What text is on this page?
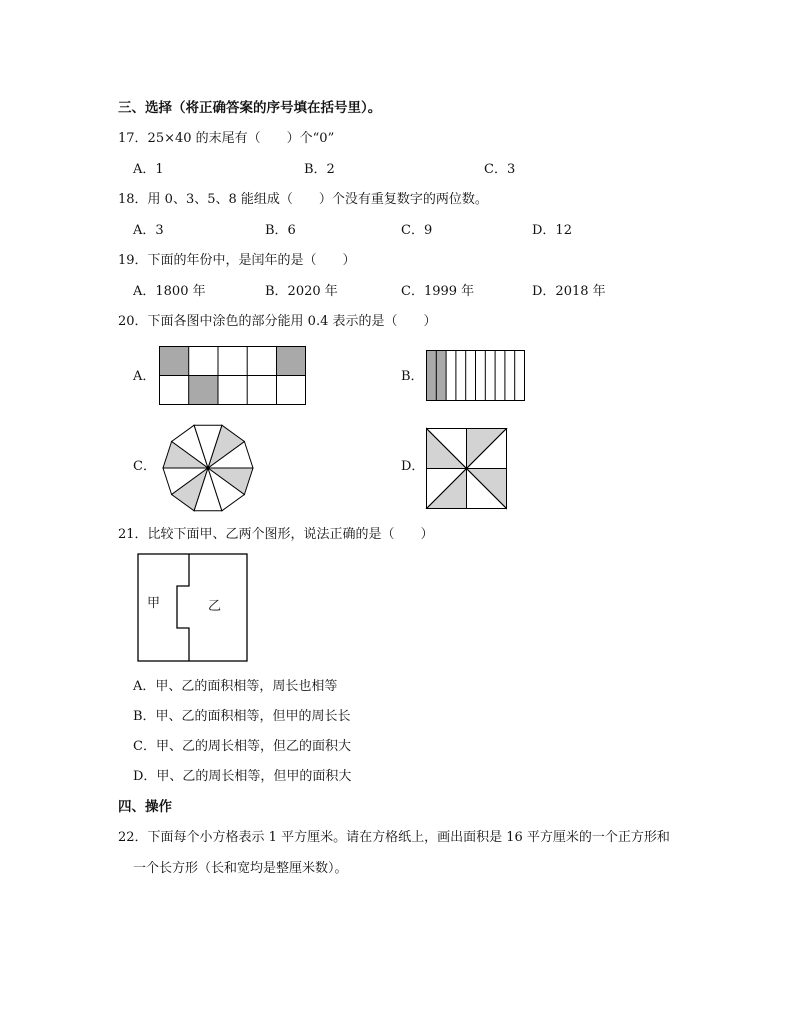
三、选择（将正确答案的序号填在括号里）。
17．25×40 的末尾有（　　）个“0”
A．1	B．2	C．3
18．用 0、3、5、8 能组成（　　）个没有重复数字的两位数。
A．3	B．6	C．9	D．12
19．下面的年份中，是闰年的是（　　）
A．1800 年	B．2020 年	C．1999 年	D．2018 年
20．下面各图中涂色的部分能用 0.4 表示的是（　　）
A．	B．
C．	D．
21．比较下面甲、乙两个图形，说法正确的是（　　）
甲	乙
A．甲、乙的面积相等，周长也相等
B．甲、乙的面积相等，但甲的周长长
C．甲、乙的周长相等，但乙的面积大
D．甲、乙的周长相等，但甲的面积大
四、操作
22．下面每个小方格表示 1 平方厘米。请在方格纸上，画出面积是 16 平方厘米的一个正方形和
一个长方形（长和宽均是整厘米数）。
